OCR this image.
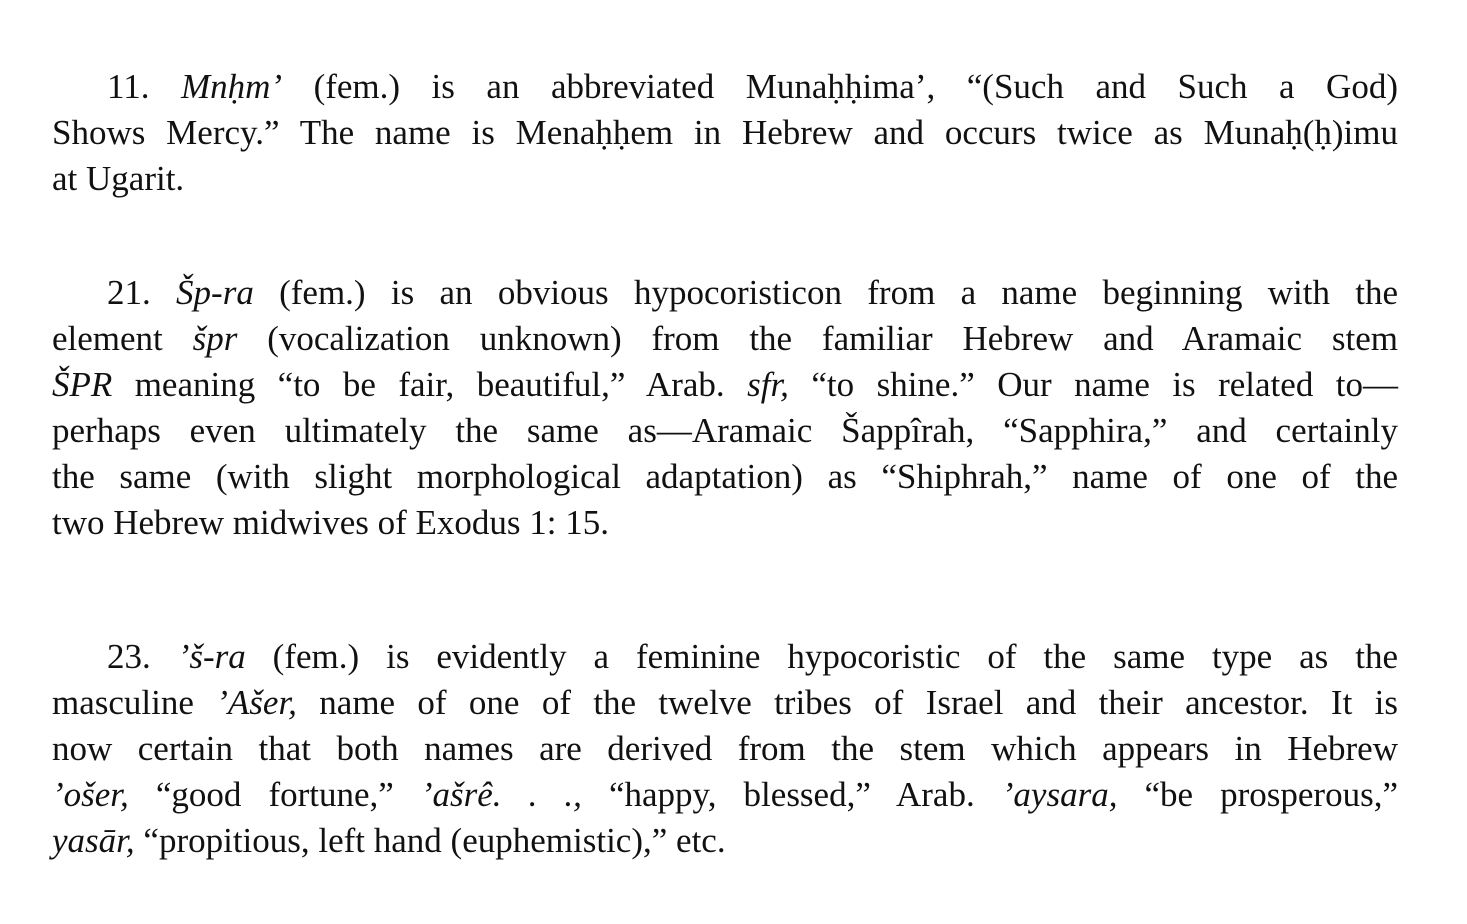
11. Mnḥm’ (fem.) is an abbreviated Munaḥḥima’, “(Such and Such a God)
Shows Mercy.” The name is Menaḥḥem in Hebrew and occurs twice as Munaḥ(ḥ)imu
at Ugarit.
21. Šp-ra (fem.) is an obvious hypocoristicon from a name beginning with the
element špr (vocalization unknown) from the familiar Hebrew and Aramaic stem
ŠPR meaning “to be fair, beautiful,” Arab. sfr, “to shine.” Our name is related to—
perhaps even ultimately the same as—Aramaic Šappîrah, “Sapphira,” and certainly
the same (with slight morphological adaptation) as “Shiphrah,” name of one of the
two Hebrew midwives of Exodus 1: 15.
23. ’š-ra (fem.) is evidently a feminine hypocoristic of the same type as the
masculine ’Ašer, name of one of the twelve tribes of Israel and their ancestor. It is
now certain that both names are derived from the stem which appears in Hebrew
’ošer, “good fortune,” ’ašrê. . ., “happy, blessed,” Arab. ’aysara, “be prosperous,”
yasār, “propitious, left hand (euphemistic),” etc.
